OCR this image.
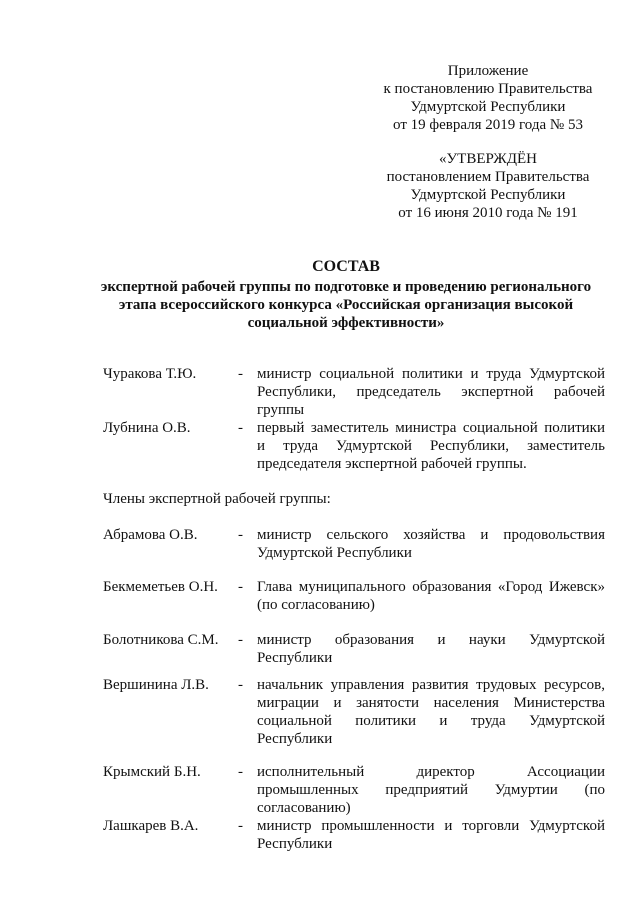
Приложение
к постановлению Правительства
Удмуртской Республики
от 19 февраля 2019 года № 53
«УТВЕРЖДЁН
постановлением Правительства
Удмуртской Республики
от 16 июня 2010 года № 191
СОСТАВ
экспертной рабочей группы по подготовке и проведению регионального
этапа всероссийского конкурса «Российская организация высокой
социальной эффективности»
Чуракова Т.Ю.	- министр социальной политики и труда Удмуртской Республики, председатель экспертной рабочей группы
Лубнина О.В.	- первый заместитель министра социальной политики и труда Удмуртской Республики, заместитель председателя экспертной рабочей группы.
Члены экспертной рабочей группы:
Абрамова О.В.	- министр сельского хозяйства и продовольствия Удмуртской Республики
Бекмеметьев О.Н. - Глава муниципального образования «Город Ижевск» (по согласованию)
Болотникова С.М. - министр образования и науки Удмуртской Республики
Вершинина Л.В. - начальник управления развития трудовых ресурсов, миграции и занятости населения Министерства социальной политики и труда Удмуртской Республики
Крымский Б.Н. - исполнительный директор Ассоциации промышленных предприятий Удмуртии (по согласованию)
Лашкарев В.А.	- министр промышленности и торговли Удмуртской Республики
